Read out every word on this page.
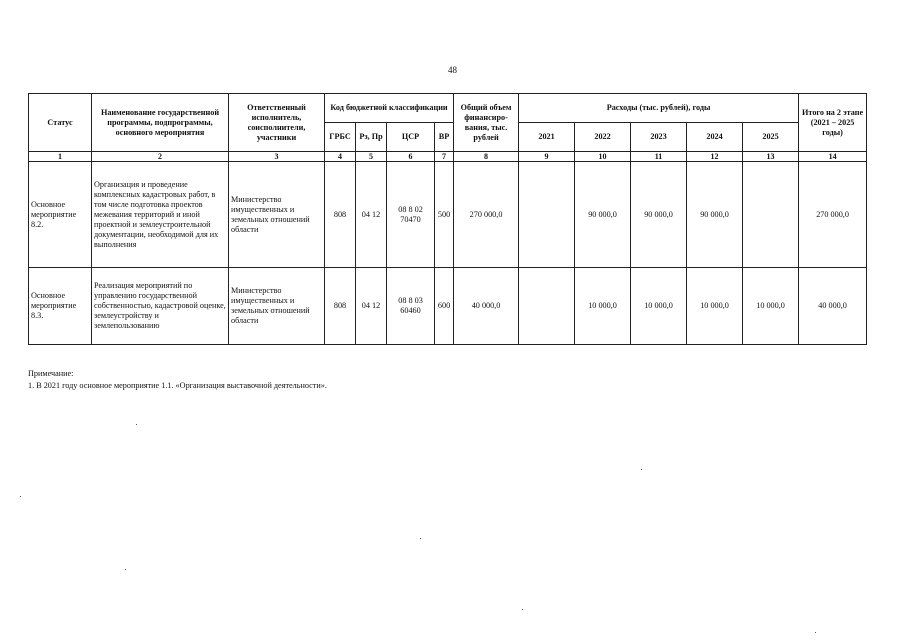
48
Статус	Наименование государственной программы, подпрограммы, основного мероприятия	Ответственный исполнитель, соисполнители, участники	Код бюджетной классификации				Общий объем финансиро-вания, тыс. рублей	Расходы (тыс. рублей), годы					Итого на 2 этапе (2021 – 2025 годы)
			ГРБС	Рз, Пр	ЦСР	ВР		2021	2022	2023	2024	2025	
1	2	3	4	5	6	7	8	9	10	11	12	13	14
Основное мероприятие 8.2.	Организация и проведение комплексных кадастровых работ, в том числе подготовка проектов межевания территорий и иной проектной и землеустроительной документации, необходимой для их выполнения	Министерство имущественных и земельных отношений области	808	04 12	08 8 02 70470	500	270 000,0		90 000,0	90 000,0	90 000,0		270 000,0
Основное мероприятие 8.3.	Реализация мероприятий по управлению государственной собственностью, кадастровой оценке, землеустройству и землепользованию	Министерство имущественных и земельных отношений области	808	04 12	08 8 03 60460	600	40 000,0		10 000,0	10 000,0	10 000,0	10 000,0	40 000,0
Примечание:
1. В 2021 году основное мероприятие 1.1. «Организация выставочной деятельности».
